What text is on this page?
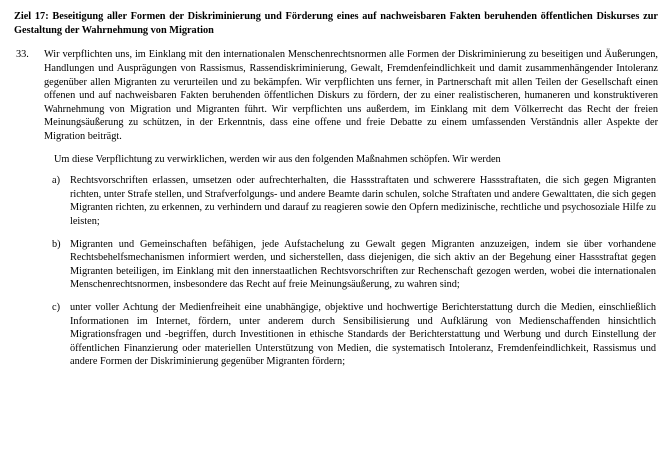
Ziel 17: Beseitigung aller Formen der Diskriminierung und Förderung eines auf nachweisbaren Fakten beruhenden öffentlichen Diskurses zur Gestaltung der Wahrnehmung von Migration
33.	Wir verpflichten uns, im Einklang mit den internationalen Menschenrechtsnormen alle Formen der Diskriminierung zu beseitigen und Äußerungen, Handlungen und Ausprägungen von Rassismus, Rassendiskriminierung, Gewalt, Fremdenfeindlichkeit und damit zusammenhängender Intoleranz gegenüber allen Migranten zu verurteilen und zu bekämpfen. Wir verpflichten uns ferner, in Partnerschaft mit allen Teilen der Gesellschaft einen offenen und auf nachweisbaren Fakten beruhenden öffentlichen Diskurs zu fördern, der zu einer realistischeren, humaneren und konstruktiveren Wahrnehmung von Migration und Migranten führt. Wir verpflichten uns außerdem, im Einklang mit dem Völkerrecht das Recht der freien Meinungsäußerung zu schützen, in der Erkenntnis, dass eine offene und freie Debatte zu einem umfassenden Verständnis aller Aspekte der Migration beiträgt.
Um diese Verpflichtung zu verwirklichen, werden wir aus den folgenden Maßnahmen schöpfen. Wir werden
a) Rechtsvorschriften erlassen, umsetzen oder aufrechterhalten, die Hassstraftaten und schwerere Hassstraftaten, die sich gegen Migranten richten, unter Strafe stellen, und Strafverfolgungs- und andere Beamte darin schulen, solche Straftaten und andere Gewalttaten, die sich gegen Migranten richten, zu erkennen, zu verhindern und darauf zu reagieren sowie den Opfern medizinische, rechtliche und psychosoziale Hilfe zu leisten;
b) Migranten und Gemeinschaften befähigen, jede Aufstachelung zu Gewalt gegen Migranten anzuzeigen, indem sie über vorhandene Rechtsbehelfsmechanismen informiert werden, und sicherstellen, dass diejenigen, die sich aktiv an der Begehung einer Hassstraftat gegen Migranten beteiligen, im Einklang mit den innerstaatlichen Rechtsvorschriften zur Rechenschaft gezogen werden, wobei die internationalen Menschenrechtsnormen, insbesondere das Recht auf freie Meinungsäußerung, zu wahren sind;
c) unter voller Achtung der Medienfreiheit eine unabhängige, objektive und hochwertige Berichterstattung durch die Medien, einschließlich Informationen im Internet, fördern, unter anderem durch Sensibilisierung und Aufklärung von Medienschaffenden hinsichtlich Migrationsfragen und -begriffen, durch Investitionen in ethische Standards der Berichterstattung und Werbung und durch Einstellung der öffentlichen Finanzierung oder materiellen Unterstützung von Medien, die systematisch Intoleranz, Fremdenfeindlichkeit, Rassismus und andere Formen der Diskriminierung gegenüber Migranten fördern;
